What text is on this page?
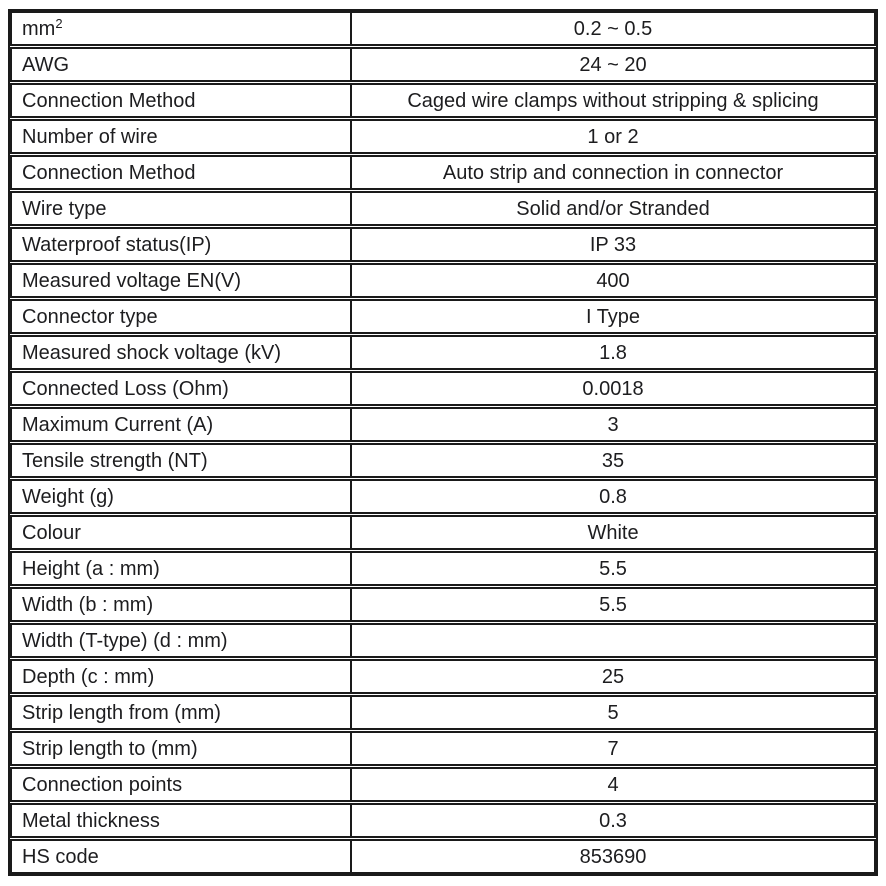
$mm^2$	0.2 ~ 0.5
AWG	24 ~ 20
Connection Method	Caged wire clamps without stripping & splicing
Number of wire	1 or 2
Connection Method	Auto strip and connection in connector
Wire type	Solid and/or Stranded
Waterproof status(IP)	IP 33
Measured voltage EN(V)	400
Connector type	I Type
Measured shock voltage (kV)	1.8
Connected Loss (Ohm)	0.0018
Maximum Current (A)	3
Tensile strength (NT)	35
Weight (g)	0.8
Colour	White
Height (a : mm)	5.5
Width (b : mm)	5.5
Width (T-type) (d : mm)
Depth (c : mm)	25
Strip length from (mm)	5
Strip length to (mm)	7
Connection points	4
Metal thickness	0.3
HS code	853690
